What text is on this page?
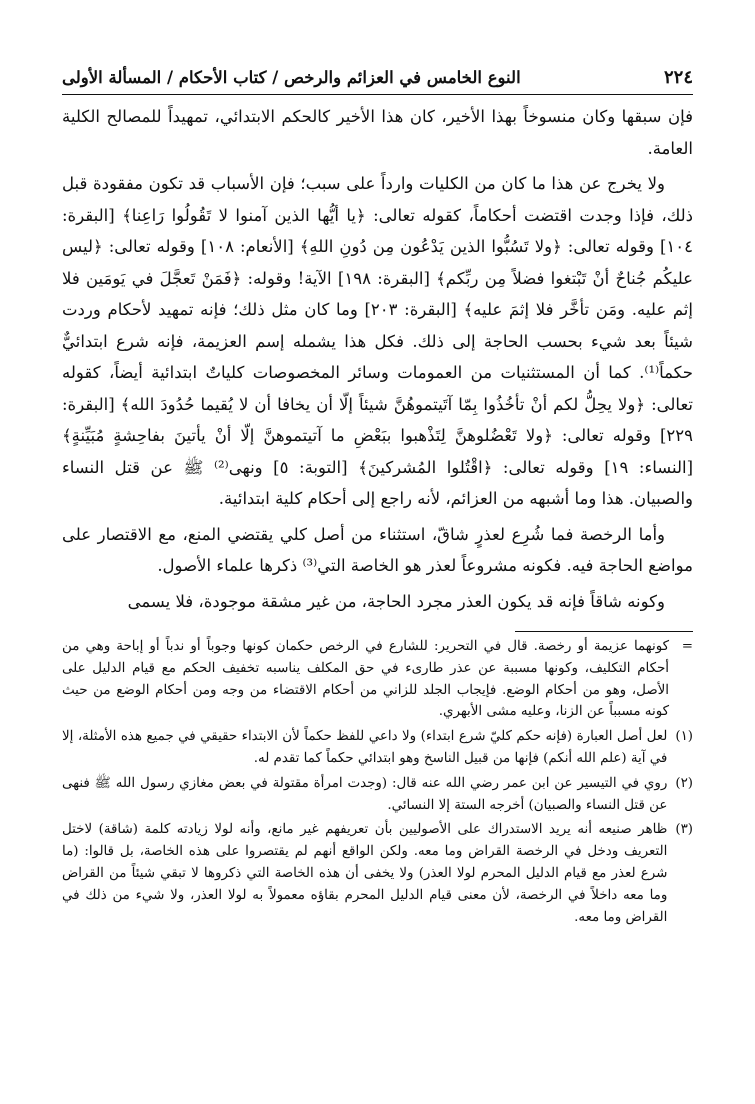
٢٢٤
النوع الخامس في العزائم والرخص / كتاب الأحكام / المسألة الأولى

فإن سبقها وكان منسوخاً بهذا الأخير، كان هذا الأخير كالحكم الابتدائي، تمهيداً للمصالح الكلية العامة.

ولا يخرج عن هذا ما كان من الكليات وارداً على سبب؛ فإن الأسباب قد تكون مفقودة قبل ذلك، فإذا وجدت اقتضت أحكاماً، كقوله تعالى: ﴿يا أيُّها الذين آمنوا لا تَقُولُوا رَاعِنا﴾ [البقرة: ١٠٤] وقوله تعالى: ﴿ولا تَسُبُّوا الذين يَدْعُون مِن دُونِ اللهِ﴾ [الأنعام: ١٠٨] وقوله تعالى: ﴿ليس عليكُم جُناحٌ أنْ تَبْتغوا فضلاً مِن ربِّكم﴾ [البقرة: ١٩٨] الآية! وقوله: ﴿فَمَنْ تَعجَّلَ في يَومَين فلا إثم عليه. ومَن تأخَّر فلا إثمَ عليه﴾ [البقرة: ٢٠٣] وما كان مثل ذلك؛ فإنه تمهيد لأحكام وردت شيئاً بعد شيء بحسب الحاجة إلى ذلك. فكل هذا يشمله إسم العزيمة، فإنه شرع ابتدائيٌّ حكماً⁽¹⁾. كما أن المستثنيات من العمومات وسائر المخصوصات كلياتٌ ابتدائية أيضاً، كقوله تعالى: ﴿ولا يحِلُّ لكم أنْ تأخُذُوا بِمّا آتَيتموهُنَّ شيئاً إلّا أن يخافا أن لا يُقيما حُدُودَ الله﴾ [البقرة: ٢٢٩] وقوله تعالى: ﴿ولا تَعْضُلوهنَّ لِتَذْهبوا ببَعْضِ ما آتيتموهنَّ إلّا أنْ يأتينَ بفاحِشةٍ مُبَيِّنةٍ﴾ [النساء: ١٩] وقوله تعالى: ﴿اقْتُلوا المُشركينَ﴾ [التوبة: ٥] ونهى⁽²⁾ ﷺ عن قتل النساء والصبيان. هذا وما أشبهه من العزائم، لأنه راجع إلى أحكام كلية ابتدائية.

وأما الرخصة فما شُرِع لعذرٍ شاقّ، استثناء من أصل كلي يقتضي المنع، مع الاقتصار على مواضع الحاجة فيه. فكونه مشروعاً لعذر هو الخاصة التي⁽³⁾ ذكرها علماء الأصول.

وكونه شاقاً فإنه قد يكون العذر مجرد الحاجة، من غير مشقة موجودة، فلا يسمى

=
كونهما عزيمة أو رخصة. قال في التحرير: للشارع في الرخص حكمان كونها وجوباً أو ندباً أو إباحة وهي من أحكام التكليف، وكونها مسببة عن عذر طارىء في حق المكلف يناسبه تخفيف الحكم مع قيام الدليل على الأصل، وهو من أحكام الوضع. فإيجاب الجلد للزاني من أحكام الاقتضاء من وجه ومن أحكام الوضع من حيث كونه مسبباً عن الزنا، وعليه مشى الأبهري.
(١)
لعل أصل العبارة (فإنه حكم كليّ شرع ابتداء) ولا داعي للفظ حكماً لأن الابتداء حقيقي في جميع هذه الأمثلة، إلا في آية (علم الله أنكم) فإنها من قبيل الناسخ وهو ابتدائي حكماً كما تقدم له.
(٢)
روي في التيسير عن ابن عمر رضي الله عنه قال: (وجدت امرأة مقتولة في بعض مغازي رسول الله ﷺ فنهى عن قتل النساء والصبيان) أخرجه الستة إلا النسائي.
(٣)
ظاهر صنيعه أنه يريد الاستدراك على الأصوليين بأن تعريفهم غير مانع، وأنه لولا زيادته كلمة (شاقة) لاختل التعريف ودخل في الرخصة القراض وما معه. ولكن الواقع أنهم لم يقتصروا على هذه الخاصة، بل قالوا: (ما شرع لعذر مع قيام الدليل المحرم لولا العذر) ولا يخفى أن هذه الخاصة التي ذكروها لا تبقي شيئاً من القراض وما معه داخلاً في الرخصة، لأن معنى قيام الدليل المحرم بقاؤه معمولاً به لولا العذر، ولا شيء من ذلك في القراض وما معه.
